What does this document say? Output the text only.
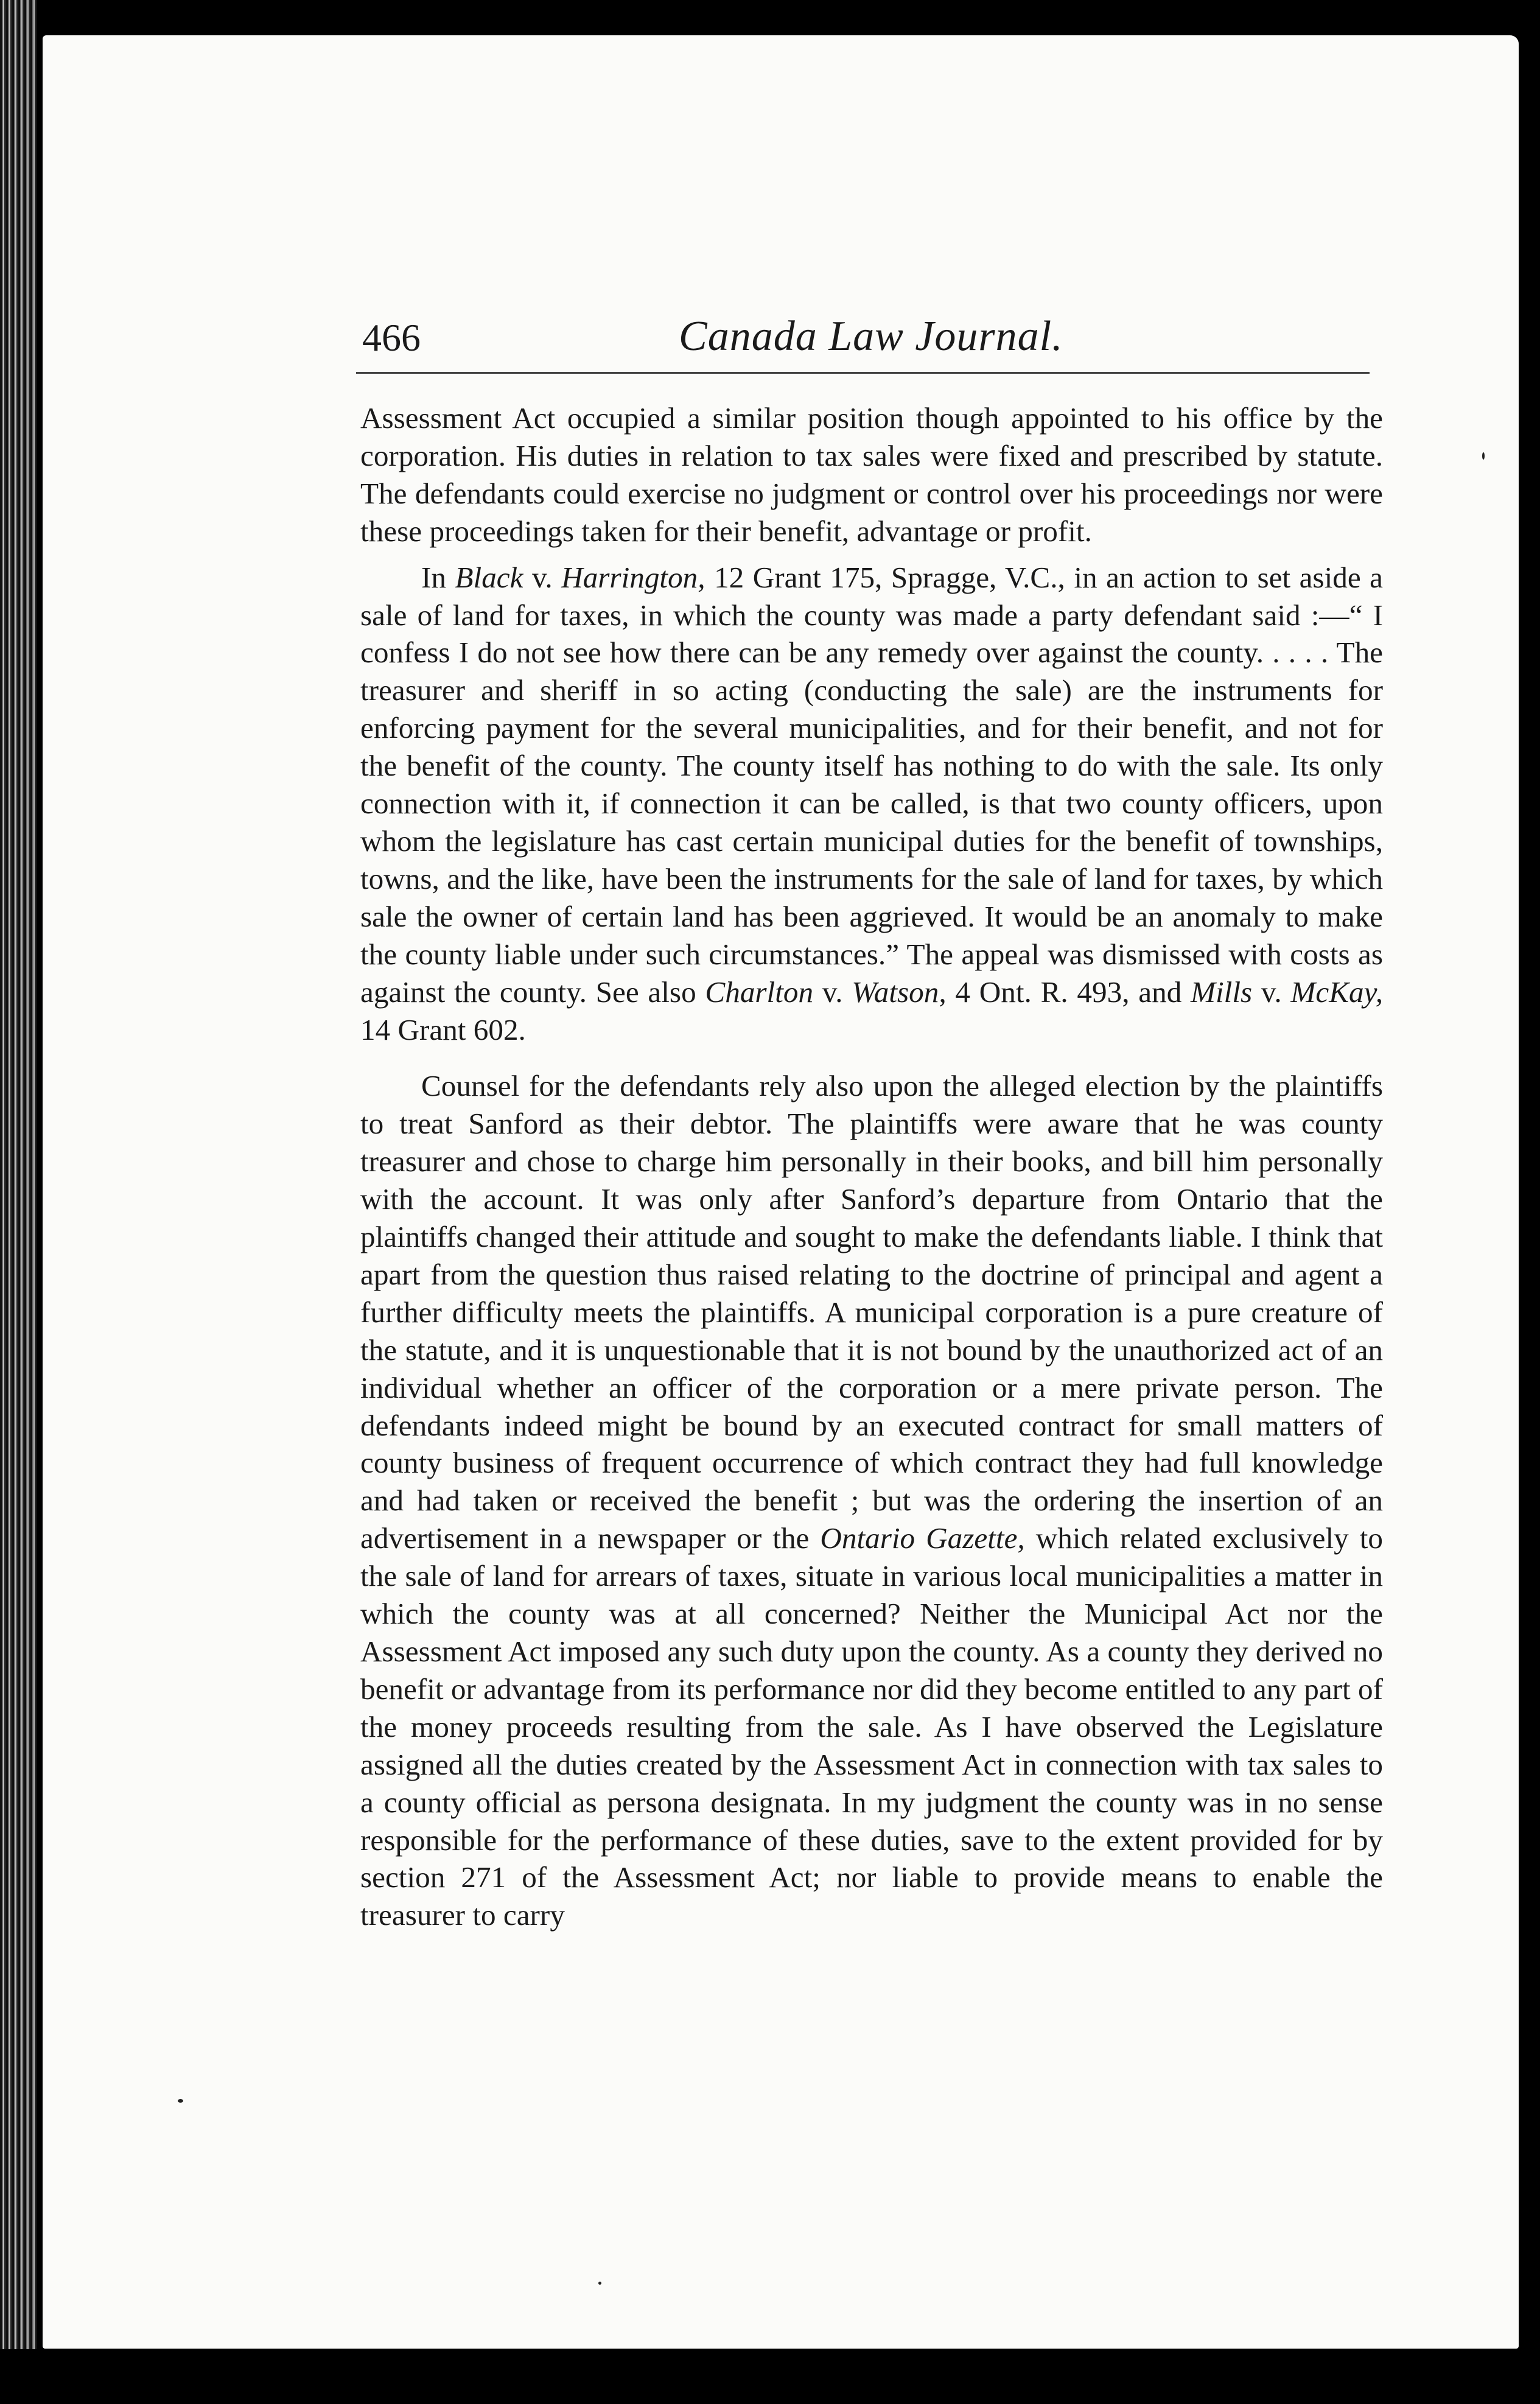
466	Canada Law Journal.

Assessment Act occupied a similar position though appointed to his office by the corporation. His duties in relation to tax sales were fixed and prescribed by statute. The defendants could exercise no judgment or control over his proceedings nor were these proceedings taken for their benefit, advantage or profit.

In Black v. Harrington, 12 Grant 175, Spragge, V.C., in an action to set aside a sale of land for taxes, in which the county was made a party defendant said :—“ I confess I do not see how there can be any remedy over against the county. . . . . The treasurer and sheriff in so acting (conducting the sale) are the instruments for enforcing payment for the several municipalities, and for their benefit, and not for the benefit of the county. The county itself has nothing to do with the sale. Its only connection with it, if connection it can be called, is that two county officers, upon whom the legislature has cast certain municipal duties for the benefit of townships, towns, and the like, have been the instruments for the sale of land for taxes, by which sale the owner of certain land has been aggrieved. It would be an anomaly to make the county liable under such circumstances.” The appeal was dismissed with costs as against the county. See also Charlton v. Watson, 4 Ont. R. 493, and Mills v. McKay, 14 Grant 602.

Counsel for the defendants rely also upon the alleged election by the plaintiffs to treat Sanford as their debtor. The plaintiffs were aware that he was county treasurer and chose to charge him personally in their books, and bill him personally with the account. It was only after Sanford’s departure from Ontario that the plaintiffs changed their attitude and sought to make the defendants liable. I think that apart from the question thus raised relating to the doctrine of principal and agent a further difficulty meets the plaintiffs. A municipal corporation is a pure creature of the statute, and it is unquestionable that it is not bound by the unauthorized act of an individual whether an officer of the corporation or a mere private person. The defendants indeed might be bound by an executed contract for small matters of county business of frequent occurrence of which contract they had full knowledge and had taken or received the benefit ; but was the ordering the insertion of an advertisement in a newspaper or the Ontario Gazette, which related exclusively to the sale of land for arrears of taxes, situate in various local municipalities a matter in which the county was at all concerned? Neither the Municipal Act nor the Assessment Act imposed any such duty upon the county. As a county they derived no benefit or advantage from its performance nor did they become entitled to any part of the money proceeds resulting from the sale. As I have observed the Legislature assigned all the duties created by the Assessment Act in connection with tax sales to a county official as persona designata. In my judgment the county was in no sense responsible for the performance of these duties, save to the extent provided for by section 271 of the Assessment Act; nor liable to provide means to enable the treasurer to carry
